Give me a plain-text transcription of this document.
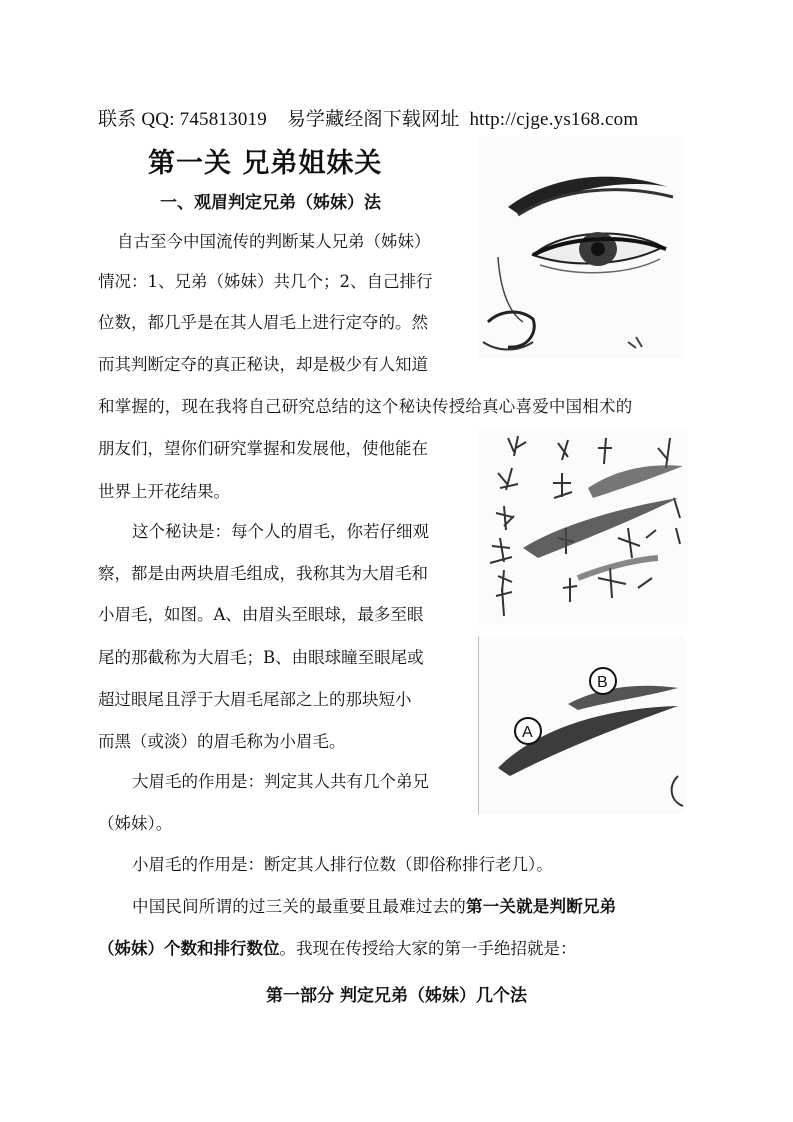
联系 QQ: 745813019 易学藏经阁下载网址 http://cjge.ys168.com
第一关 兄弟姐妹关
一、观眉判定兄弟（姊妹）法
A
B
自古至今中国流传的判断某人兄弟（姊妹）
情况：1、兄弟（姊妹）共几个；2、自己排行
位数，都几乎是在其人眉毛上进行定夺的。然
而其判断定夺的真正秘诀，却是极少有人知道
和掌握的，现在我将自己研究总结的这个秘诀传授给真心喜爱中国相术的
朋友们，望你们研究掌握和发展他，使他能在
世界上开花结果。
这个秘诀是：每个人的眉毛，你若仔细观
察，都是由两块眉毛组成，我称其为大眉毛和
小眉毛，如图。A、由眉头至眼球，最多至眼
尾的那截称为大眉毛；B、由眼球瞳至眼尾或
超过眼尾且浮于大眉毛尾部之上的那块短小
而黑（或淡）的眉毛称为小眉毛。
大眉毛的作用是：判定其人共有几个弟兄
（姊妹）。
小眉毛的作用是：断定其人排行位数（即俗称排行老几）。
中国民间所谓的过三关的最重要且最难过去的第一关就是判断兄弟
（姊妹）个数和排行数位。我现在传授给大家的第一手绝招就是：
第一部分 判定兄弟（姊妹）几个法
